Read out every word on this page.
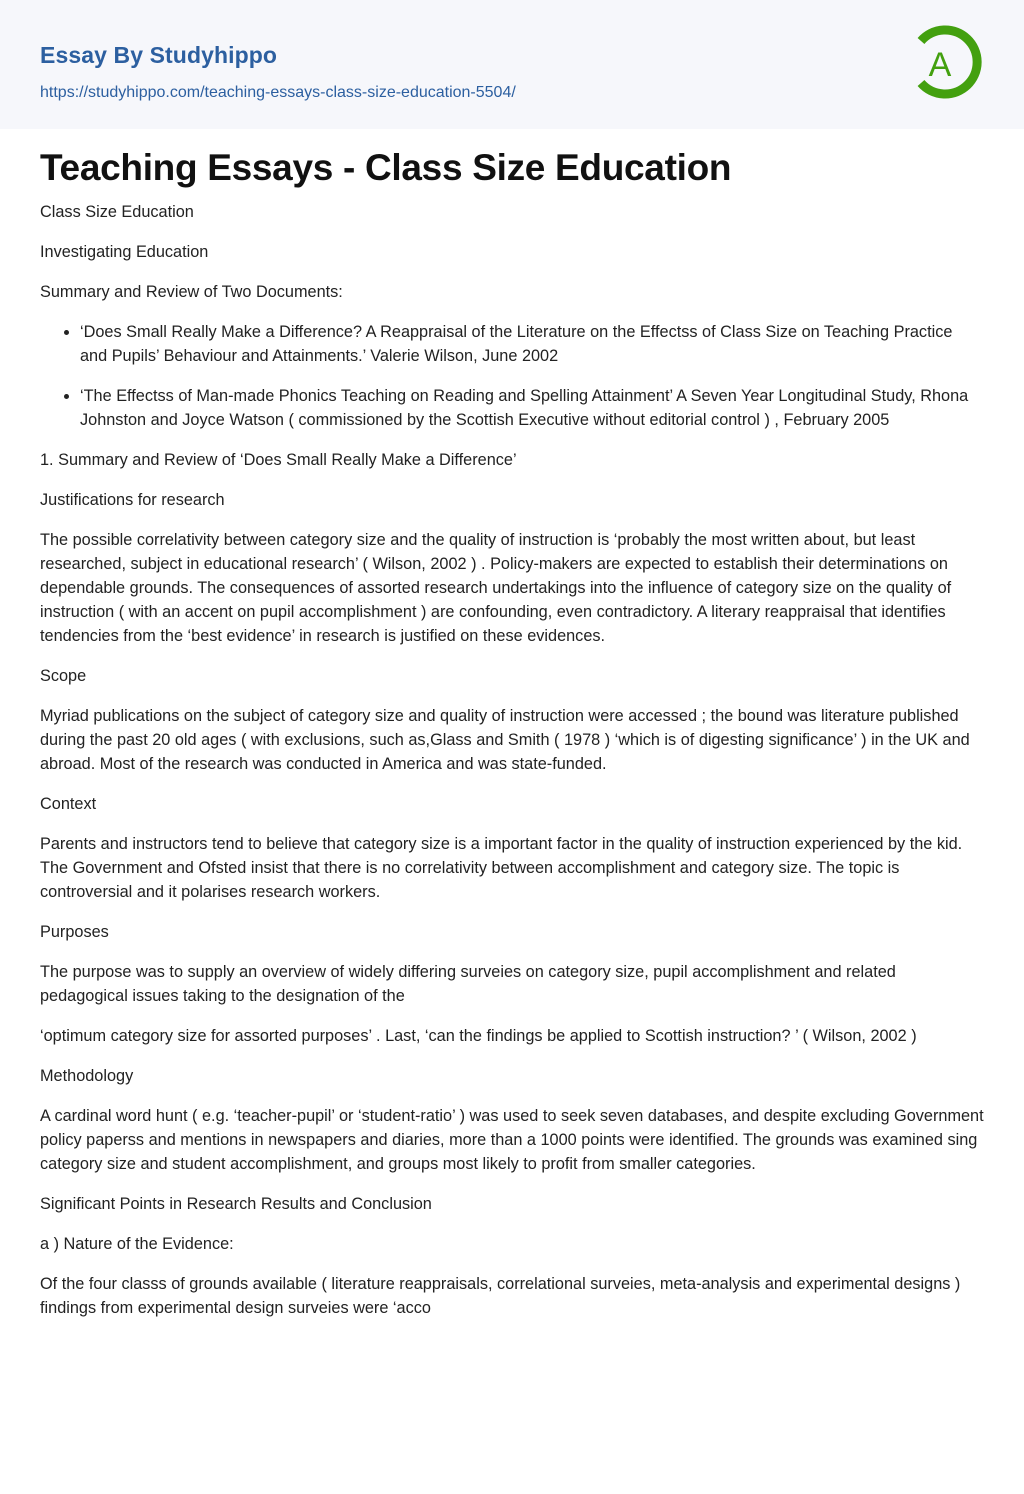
Essay By Studyhippo
https://studyhippo.com/teaching-essays-class-size-education-5504/
A
Teaching Essays - Class Size Education

Class Size Education

Investigating Education

Summary and Review of Two Documents:

• ‘Does Small Really Make a Difference? A Reappraisal of the Literature on the Effectss of Class Size on Teaching Practice and Pupils’ Behaviour and Attainments.’ Valerie Wilson, June 2002
• ‘The Effectss of Man-made Phonics Teaching on Reading and Spelling Attainment’ A Seven Year Longitudinal Study, Rhona Johnston and Joyce Watson ( commissioned by the Scottish Executive without editorial control ) , February 2005

1. Summary and Review of ‘Does Small Really Make a Difference’

Justifications for research

The possible correlativity between category size and the quality of instruction is ‘probably the most written about, but least researched, subject in educational research’ ( Wilson, 2002 ) . Policy-makers are expected to establish their determinations on dependable grounds. The consequences of assorted research undertakings into the influence of category size on the quality of instruction ( with an accent on pupil accomplishment ) are confounding, even contradictory. A literary reappraisal that identifies tendencies from the ‘best evidence’ in research is justified on these evidences.

Scope

Myriad publications on the subject of category size and quality of instruction were accessed ; the bound was literature published during the past 20 old ages ( with exclusions, such as,Glass and Smith ( 1978 ) ‘which is of digesting significance’ ) in the UK and abroad. Most of the research was conducted in America and was state-funded.

Context

Parents and instructors tend to believe that category size is a important factor in the quality of instruction experienced by the kid. The Government and Ofsted insist that there is no correlativity between accomplishment and category size. The topic is controversial and it polarises research workers.

Purposes

The purpose was to supply an overview of widely differing surveies on category size, pupil accomplishment and related pedagogical issues taking to the designation of the

‘optimum category size for assorted purposes’ . Last, ‘can the findings be applied to Scottish instruction? ’ ( Wilson, 2002 )

Methodology

A cardinal word hunt ( e.g. ‘teacher-pupil’ or ‘student-ratio’ ) was used to seek seven databases, and despite excluding Government policy paperss and mentions in newspapers and diaries, more than a 1000 points were identified. The grounds was examined sing category size and student accomplishment, and groups most likely to profit from smaller categories.

Significant Points in Research Results and Conclusion

a ) Nature of the Evidence:

Of the four classs of grounds available ( literature reappraisals, correlational surveies, meta-analysis and experimental designs ) findings from experimental design surveies were ‘acco
